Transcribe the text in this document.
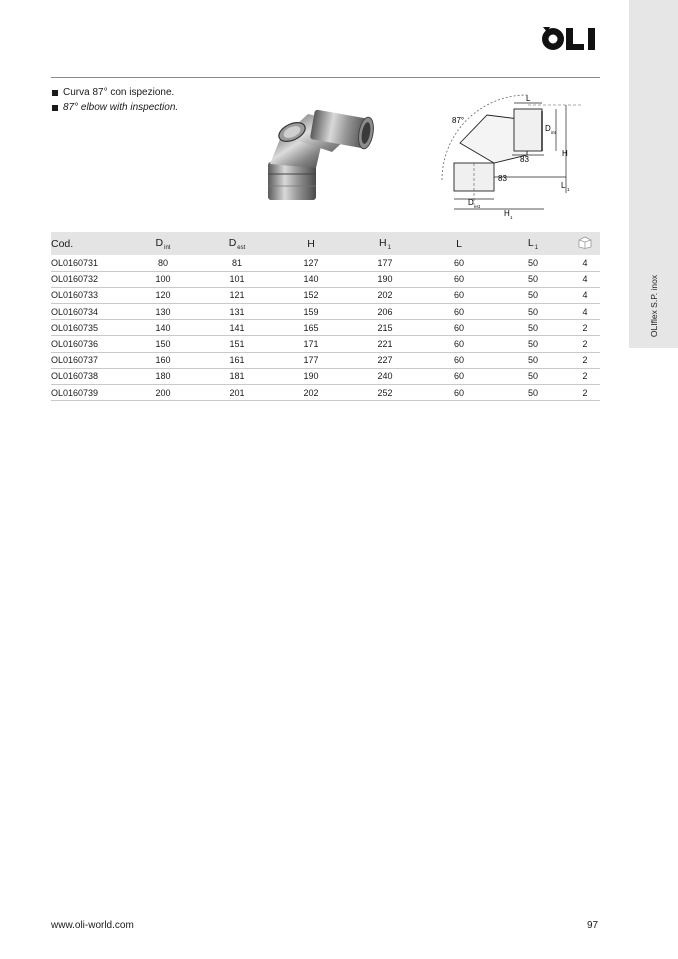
OLIflex S.P. inox
Curva 87° con ispezione.
87° elbow with inspection.
87°
L
D int
H
83
83
L 1
D est
H 1
Cod.	$D_{int}$	$D_{est}$	H	$H_1$	L	$L_1$	
OL0160731	80	81	127	177	60	50	4
OL0160732	100	101	140	190	60	50	4
OL0160733	120	121	152	202	60	50	4
OL0160734	130	131	159	206	60	50	4
OL0160735	140	141	165	215	60	50	2
OL0160736	150	151	171	221	60	50	2
OL0160737	160	161	177	227	60	50	2
OL0160738	180	181	190	240	60	50	2
OL0160739	200	201	202	252	60	50	2
www.oli-world.com	97
